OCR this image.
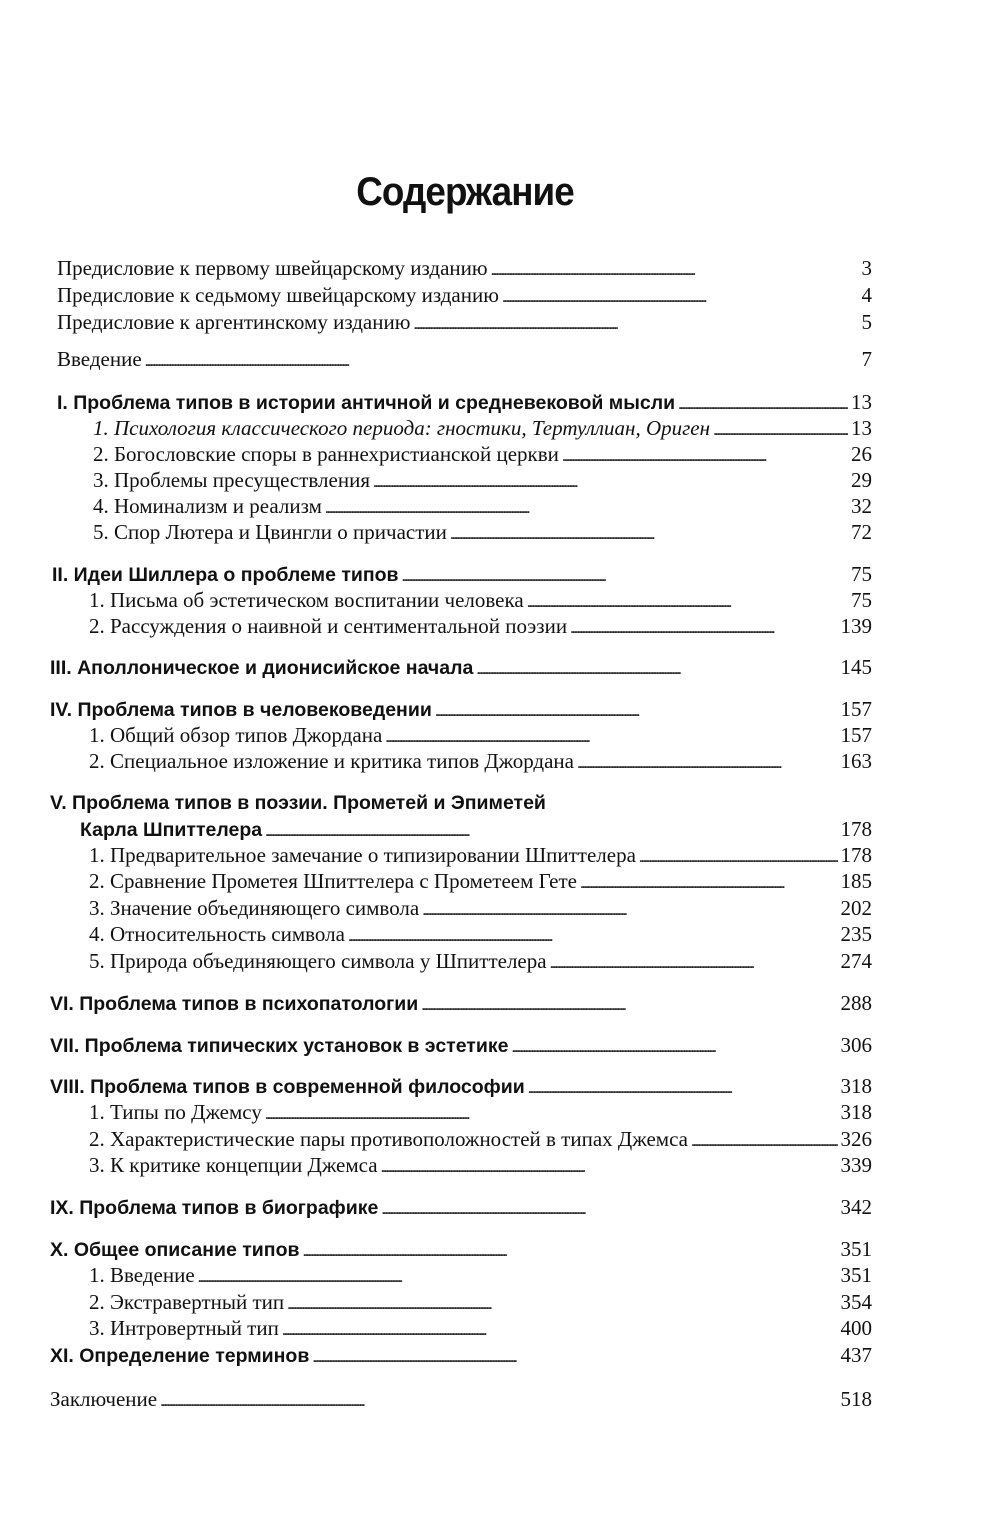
Содержание
Предисловие к первому швейцарскому изданию . . .	3
Предисловие к седьмому швейцарскому изданию . . .	4
Предисловие к аргентинскому изданию . . .	5
Введение . . .	7
I. Проблема типов в истории античной и средневековой мысли . . .	13
1. Психология классического периода: гностики, Тертуллиан, Ориген . . .	13
2. Богословские споры в раннехристианской церкви . . .	26
3. Проблемы пресуществления . . .	29
4. Номинализм и реализм . . .	32
5. Спор Лютера и Цвингли о причастии . . .	72
II. Идеи Шиллера о проблеме типов . . .	75
1. Письма об эстетическом воспитании человека . . .	75
2. Рассуждения о наивной и сентиментальной поэзии . . .	139
III. Аполлоническое и дионисийское начала . . .	145
IV. Проблема типов в человековедении . . .	157
1. Общий обзор типов Джордана . . .	157
2. Специальное изложение и критика типов Джордана . . .	163
V. Проблема типов в поэзии. Прометей и Эпиметей
Карла Шпиттелера . . .	178
1. Предварительное замечание о типизировании Шпиттелера . . .	178
2. Сравнение Прометея Шпиттелера с Прометеем Гете . . .	185
3. Значение объединяющего символа . . .	202
4. Относительность символа . . .	235
5. Природа объединяющего символа у Шпиттелера . . .	274
VI. Проблема типов в психопатологии . . .	288
VII. Проблема типических установок в эстетике . . .	306
VIII. Проблема типов в современной философии . . .	318
1. Типы по Джемсу . . .	318
2. Характеристические пары противоположностей в типах Джемса . . .	326
3. К критике концепции Джемса . . .	339
IX. Проблема типов в биографике . . .	342
X. Общее описание типов . . .	351
1. Введение . . .	351
2. Экстравертный тип . . .	354
3. Интровертный тип . . .	400
XI. Определение терминов . . .	437
Заключение . . .	518
